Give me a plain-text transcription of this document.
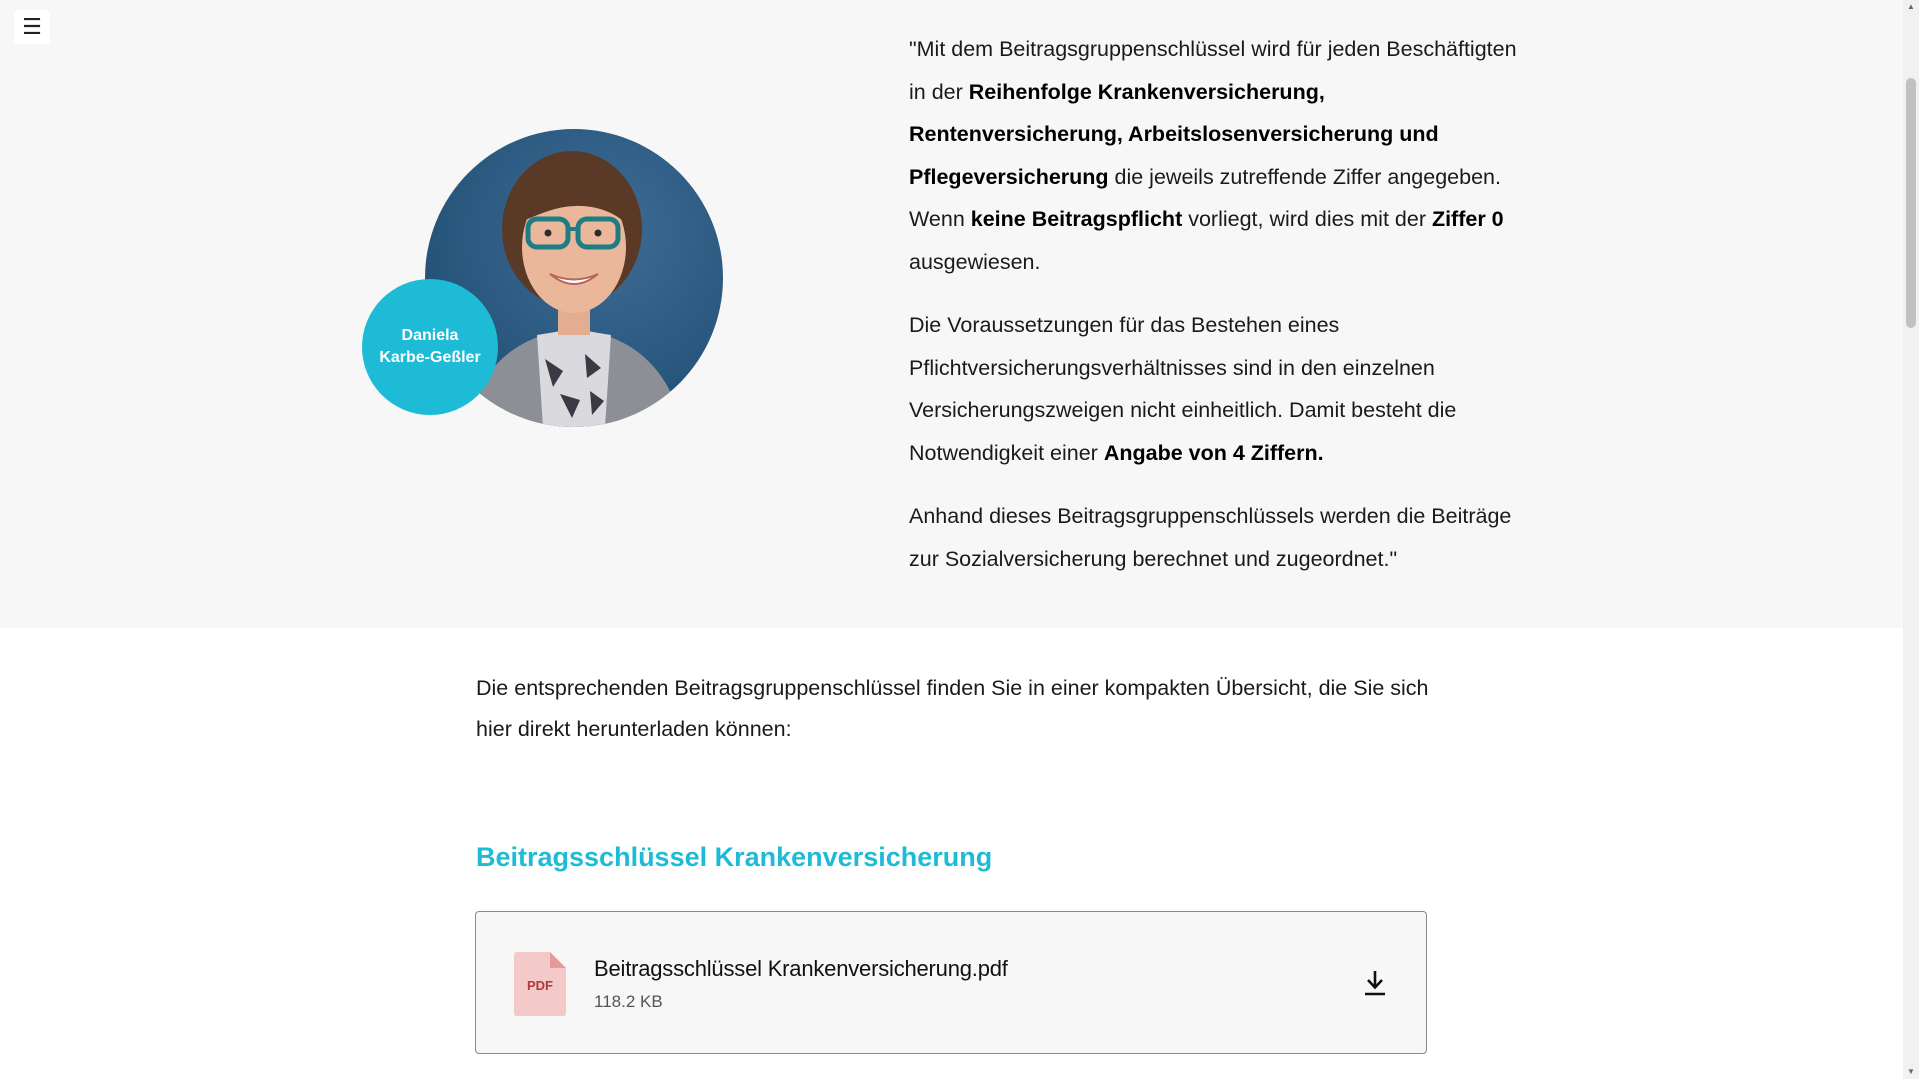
☰
Daniela
Karbe-Geßler

"Mit dem Beitragsgruppenschlüssel wird für jeden Beschäftigten in der Reihenfolge Krankenversicherung, Rentenversicherung, Arbeitslosenversicherung und Pflegeversicherung die jeweils zutreffende Ziffer angegeben. Wenn keine Beitragspflicht vorliegt, wird dies mit der Ziffer 0 ausgewiesen.

Die Voraussetzungen für das Bestehen eines Pflichtversicherungsverhältnisses sind in den einzelnen Versicherungszweigen nicht einheitlich. Damit besteht die Notwendigkeit einer Angabe von 4 Ziffern.

Anhand dieses Beitragsgruppenschlüssels werden die Beiträge zur Sozialversicherung berechnet und zugeordnet."

Die entsprechenden Beitragsgruppenschlüssel finden Sie in einer kompakten Übersicht, die Sie sich hier direkt herunterladen können:
Beitragsschlüssel Krankenversicherung
PDF
Beitragsschlüssel Krankenversicherung.pdf
118.2 KB
▲
▼
